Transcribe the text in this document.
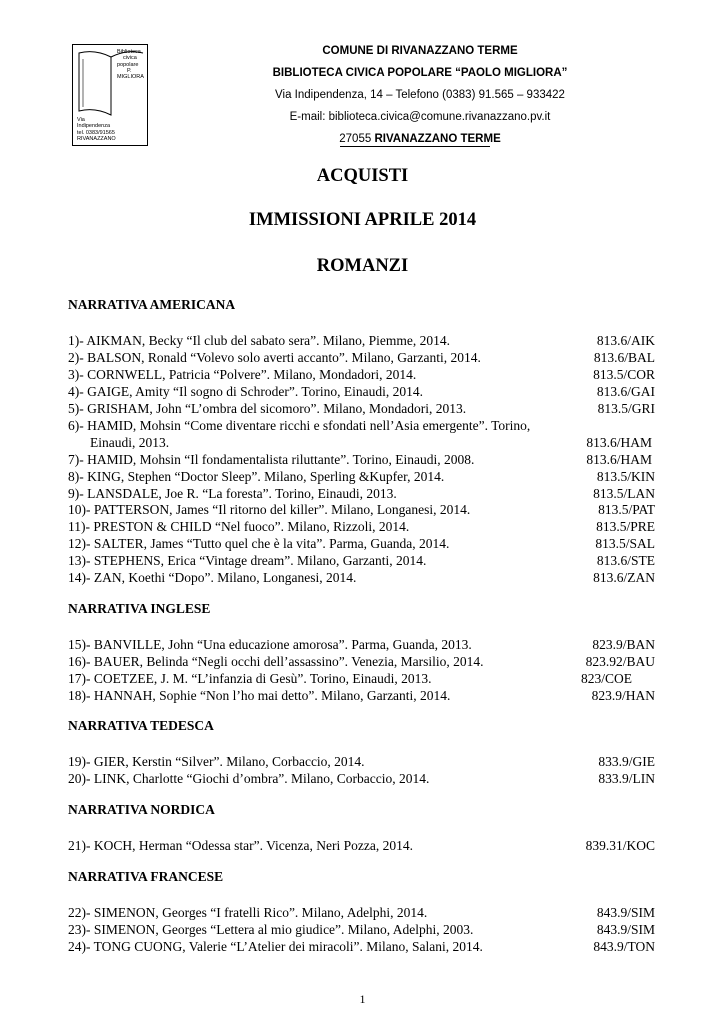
Biblioteca
civica
popolare
P.
MIGLIORA
Via
Indipendenza
tel. 0383/91565
RIVANAZZANO
COMUNE DI RIVANAZZANO TERME
BIBLIOTECA CIVICA POPOLARE “PAOLO MIGLIORA”
Via Indipendenza, 14 – Telefono (0383) 91.565 – 933422
E-mail: biblioteca.civica@comune.rivanazzano.pv.it
27055 RIVANAZZANO TERME
ACQUISTI
IMMISSIONI APRILE 2014
ROMANZI
NARRATIVA AMERICANA
NARRATIVA INGLESE
NARRATIVA TEDESCA
NARRATIVA NORDICA
NARRATIVA FRANCESE
1)- AIKMAN, Becky “Il club del sabato sera”. Milano, Piemme, 2014.	813.6/AIK
2)- BALSON, Ronald “Volevo solo averti accanto”. Milano, Garzanti, 2014.	813.6/BAL
3)- CORNWELL, Patricia “Polvere”. Milano, Mondadori, 2014.	813.5/COR
4)- GAIGE, Amity “Il sogno di Schroder”. Torino, Einaudi, 2014.	813.6/GAI
5)- GRISHAM, John “L’ombra del sicomoro”. Milano, Mondadori, 2013.	813.5/GRI
6)- HAMID, Mohsin “Come diventare ricchi e sfondati nell’Asia emergente”. Torino,
Einaudi, 2013.	813.6/HAM
7)- HAMID, Mohsin “Il fondamentalista riluttante”. Torino, Einaudi, 2008.	813.6/HAM
8)- KING, Stephen “Doctor Sleep”. Milano, Sperling &Kupfer, 2014.	813.5/KIN
9)- LANSDALE, Joe R. “La foresta”. Torino, Einaudi, 2013.	813.5/LAN
10)- PATTERSON, James “Il ritorno del killer”. Milano, Longanesi, 2014.	813.5/PAT
11)- PRESTON & CHILD “Nel fuoco”. Milano, Rizzoli, 2014.	813.5/PRE
12)- SALTER, James “Tutto quel che è la vita”. Parma, Guanda, 2014.	813.5/SAL
13)- STEPHENS, Erica “Vintage dream”. Milano, Garzanti, 2014.	813.6/STE
14)- ZAN, Koethi “Dopo”. Milano, Longanesi, 2014.	813.6/ZAN
15)- BANVILLE, John “Una educazione amorosa”. Parma, Guanda, 2013.	823.9/BAN
16)- BAUER, Belinda “Negli occhi dell’assassino”. Venezia, Marsilio, 2014.	823.92/BAU
17)- COETZEE, J. M. “L’infanzia di Gesù”. Torino, Einaudi, 2013.	823/COE
18)- HANNAH, Sophie “Non l’ho mai detto”. Milano, Garzanti, 2014.	823.9/HAN
19)- GIER, Kerstin “Silver”. Milano, Corbaccio, 2014.	833.9/GIE
20)- LINK, Charlotte “Giochi d’ombra”. Milano, Corbaccio, 2014.	833.9/LIN
21)- KOCH, Herman “Odessa star”. Vicenza, Neri Pozza, 2014.	839.31/KOC
22)- SIMENON, Georges “I fratelli Rico”. Milano, Adelphi, 2014.	843.9/SIM
23)- SIMENON, Georges “Lettera al mio giudice”. Milano, Adelphi, 2003.	843.9/SIM
24)- TONG CUONG, Valerie “L’Atelier dei miracoli”. Milano, Salani, 2014.	843.9/TON
1
